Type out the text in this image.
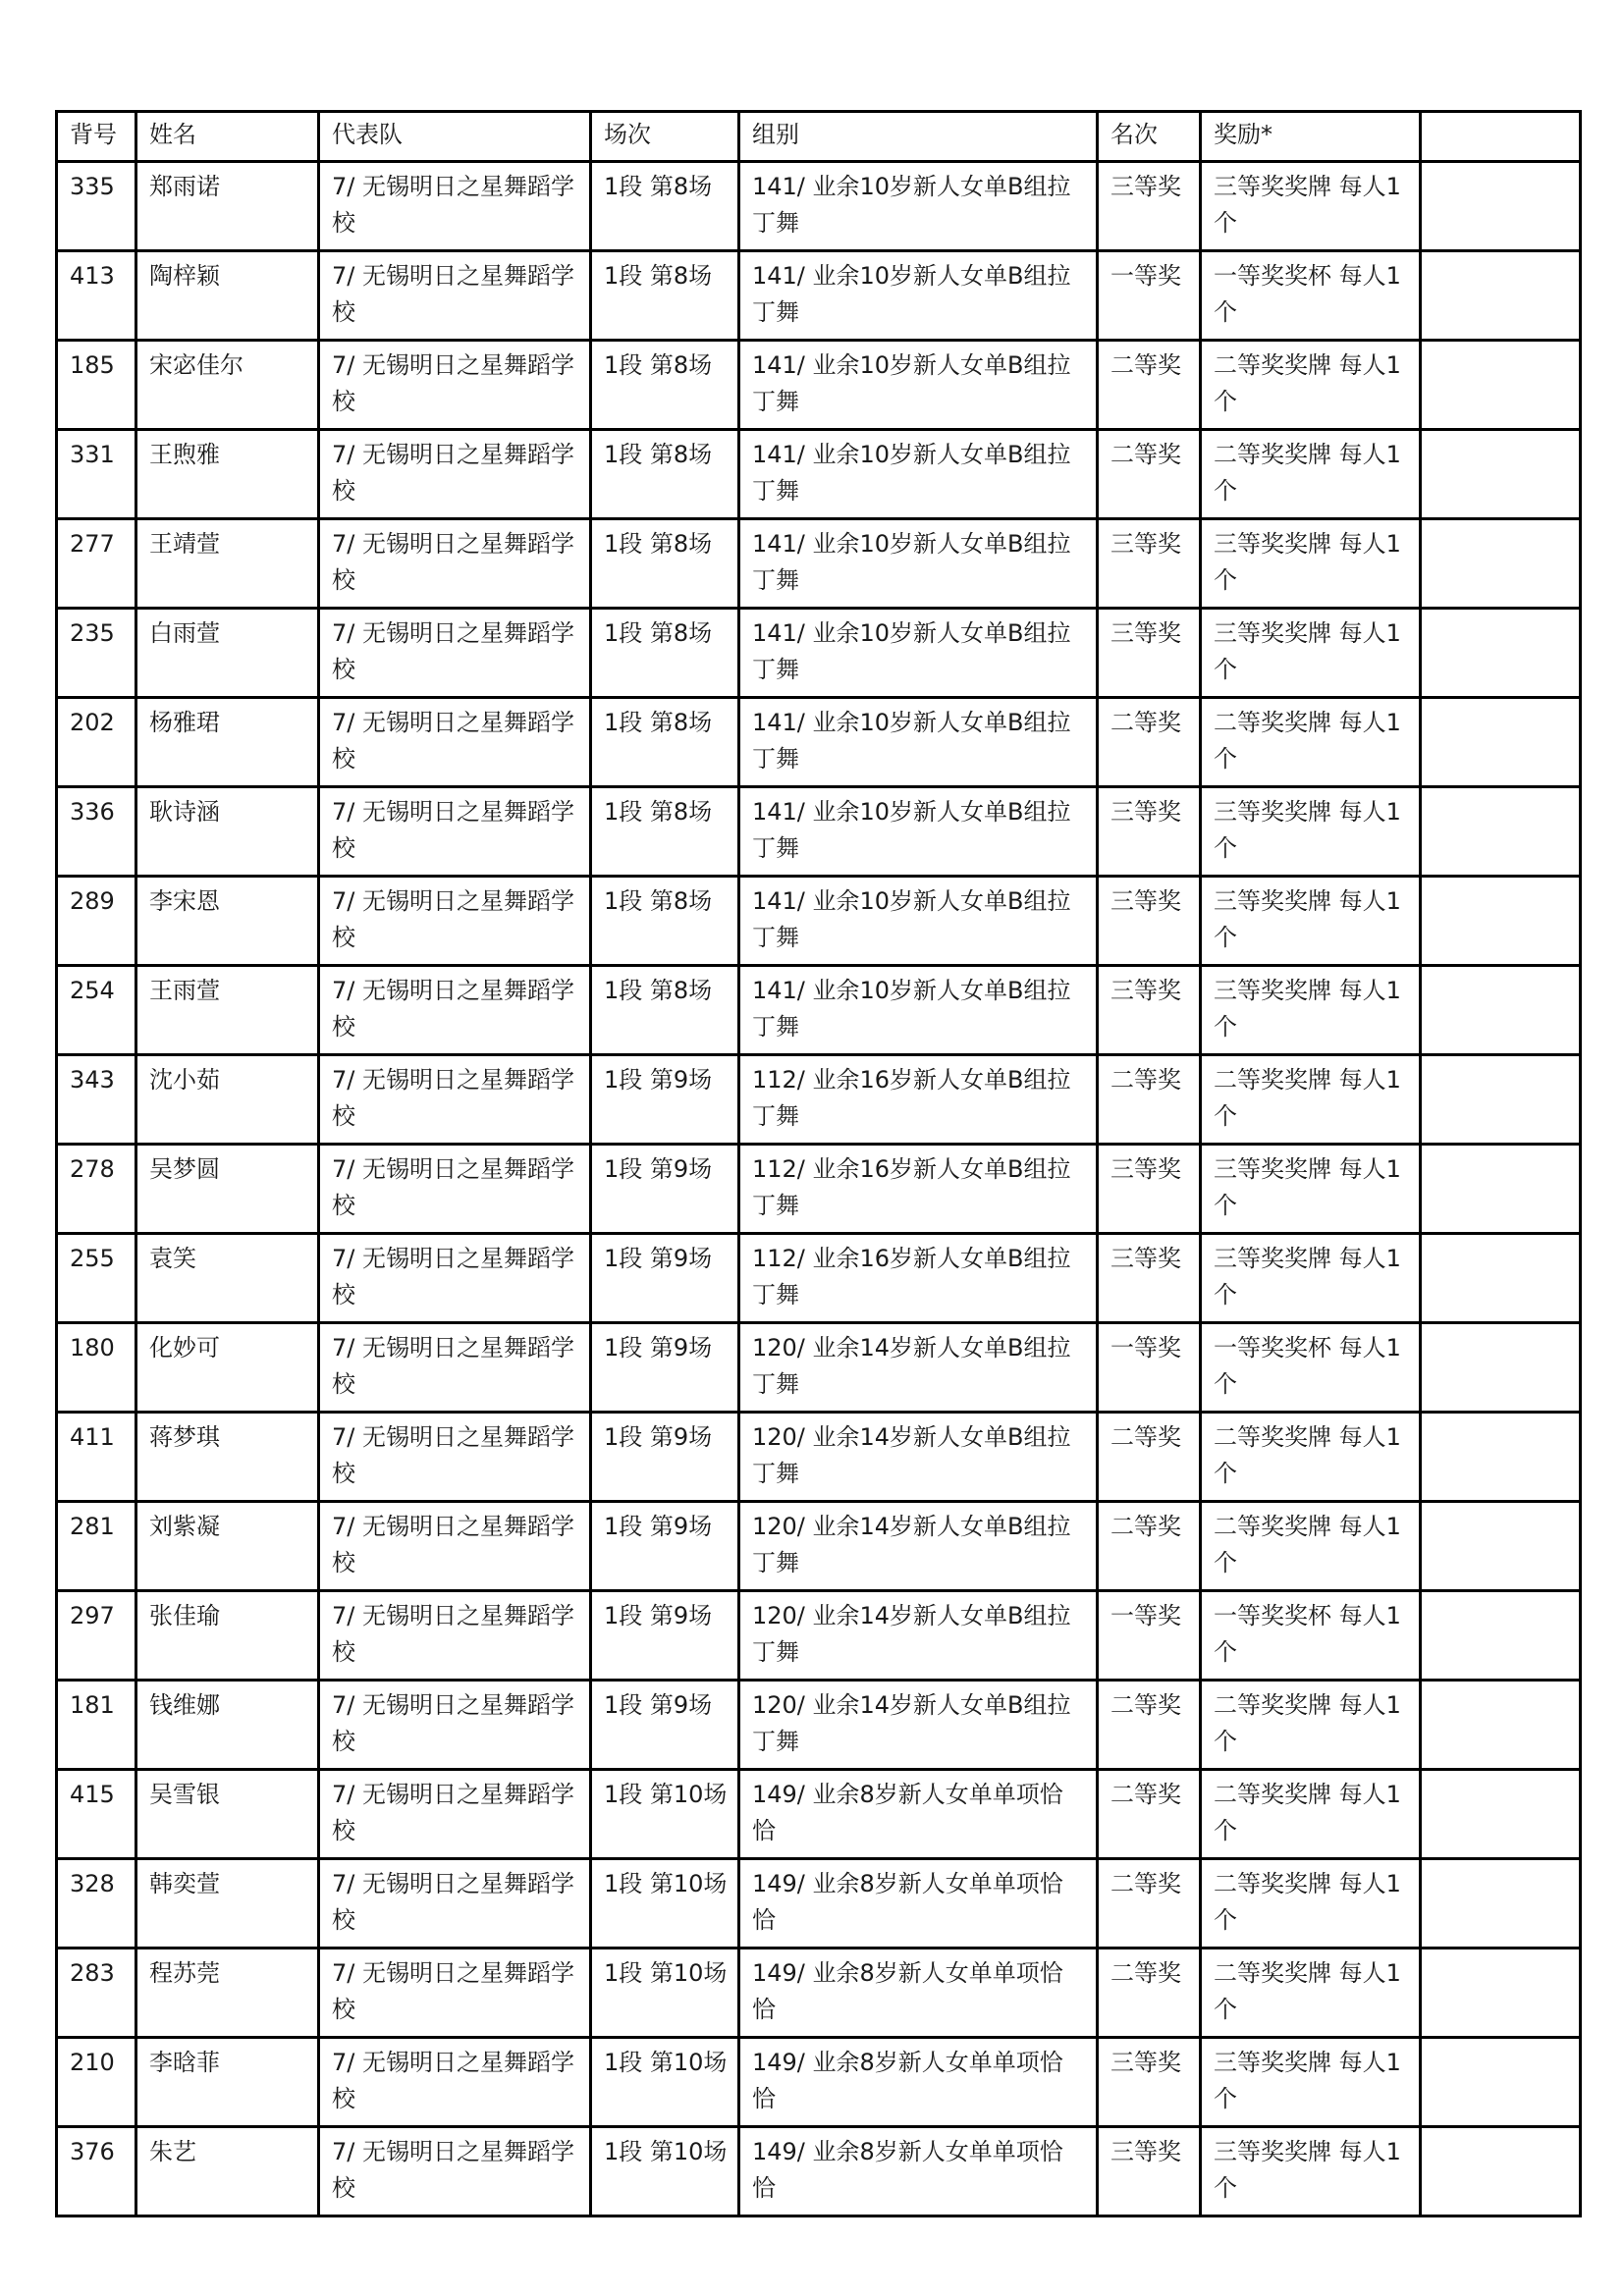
背号	姓名	代表队	场次	组别	名次	奖励*	
335	郑雨诺	7/ 无锡明日之星舞蹈学校	1段 第8场	141/ 业余10岁新人女单B组拉丁舞	三等奖	三等奖奖牌 每人1个	
413	陶梓颖	7/ 无锡明日之星舞蹈学校	1段 第8场	141/ 业余10岁新人女单B组拉丁舞	一等奖	一等奖奖杯 每人1个	
185	宋宓佳尔	7/ 无锡明日之星舞蹈学校	1段 第8场	141/ 业余10岁新人女单B组拉丁舞	二等奖	二等奖奖牌 每人1个	
331	王煦雅	7/ 无锡明日之星舞蹈学校	1段 第8场	141/ 业余10岁新人女单B组拉丁舞	二等奖	二等奖奖牌 每人1个	
277	王靖萱	7/ 无锡明日之星舞蹈学校	1段 第8场	141/ 业余10岁新人女单B组拉丁舞	三等奖	三等奖奖牌 每人1个	
235	白雨萱	7/ 无锡明日之星舞蹈学校	1段 第8场	141/ 业余10岁新人女单B组拉丁舞	三等奖	三等奖奖牌 每人1个	
202	杨雅珺	7/ 无锡明日之星舞蹈学校	1段 第8场	141/ 业余10岁新人女单B组拉丁舞	二等奖	二等奖奖牌 每人1个	
336	耿诗涵	7/ 无锡明日之星舞蹈学校	1段 第8场	141/ 业余10岁新人女单B组拉丁舞	三等奖	三等奖奖牌 每人1个	
289	李宋恩	7/ 无锡明日之星舞蹈学校	1段 第8场	141/ 业余10岁新人女单B组拉丁舞	三等奖	三等奖奖牌 每人1个	
254	王雨萱	7/ 无锡明日之星舞蹈学校	1段 第8场	141/ 业余10岁新人女单B组拉丁舞	三等奖	三等奖奖牌 每人1个	
343	沈小茹	7/ 无锡明日之星舞蹈学校	1段 第9场	112/ 业余16岁新人女单B组拉丁舞	二等奖	二等奖奖牌 每人1个	
278	吴梦圆	7/ 无锡明日之星舞蹈学校	1段 第9场	112/ 业余16岁新人女单B组拉丁舞	三等奖	三等奖奖牌 每人1个	
255	袁笑	7/ 无锡明日之星舞蹈学校	1段 第9场	112/ 业余16岁新人女单B组拉丁舞	三等奖	三等奖奖牌 每人1个	
180	化妙可	7/ 无锡明日之星舞蹈学校	1段 第9场	120/ 业余14岁新人女单B组拉丁舞	一等奖	一等奖奖杯 每人1个	
411	蒋梦琪	7/ 无锡明日之星舞蹈学校	1段 第9场	120/ 业余14岁新人女单B组拉丁舞	二等奖	二等奖奖牌 每人1个	
281	刘紫凝	7/ 无锡明日之星舞蹈学校	1段 第9场	120/ 业余14岁新人女单B组拉丁舞	二等奖	二等奖奖牌 每人1个	
297	张佳瑜	7/ 无锡明日之星舞蹈学校	1段 第9场	120/ 业余14岁新人女单B组拉丁舞	一等奖	一等奖奖杯 每人1个	
181	钱维娜	7/ 无锡明日之星舞蹈学校	1段 第9场	120/ 业余14岁新人女单B组拉丁舞	二等奖	二等奖奖牌 每人1个	
415	吴雪银	7/ 无锡明日之星舞蹈学校	1段 第10场	149/ 业余8岁新人女单单项恰恰	二等奖	二等奖奖牌 每人1个	
328	韩奕萱	7/ 无锡明日之星舞蹈学校	1段 第10场	149/ 业余8岁新人女单单项恰恰	二等奖	二等奖奖牌 每人1个	
283	程苏莞	7/ 无锡明日之星舞蹈学校	1段 第10场	149/ 业余8岁新人女单单项恰恰	二等奖	二等奖奖牌 每人1个	
210	李晗菲	7/ 无锡明日之星舞蹈学校	1段 第10场	149/ 业余8岁新人女单单项恰恰	三等奖	三等奖奖牌 每人1个	
376	朱艺	7/ 无锡明日之星舞蹈学校	1段 第10场	149/ 业余8岁新人女单单项恰恰	三等奖	三等奖奖牌 每人1个	
